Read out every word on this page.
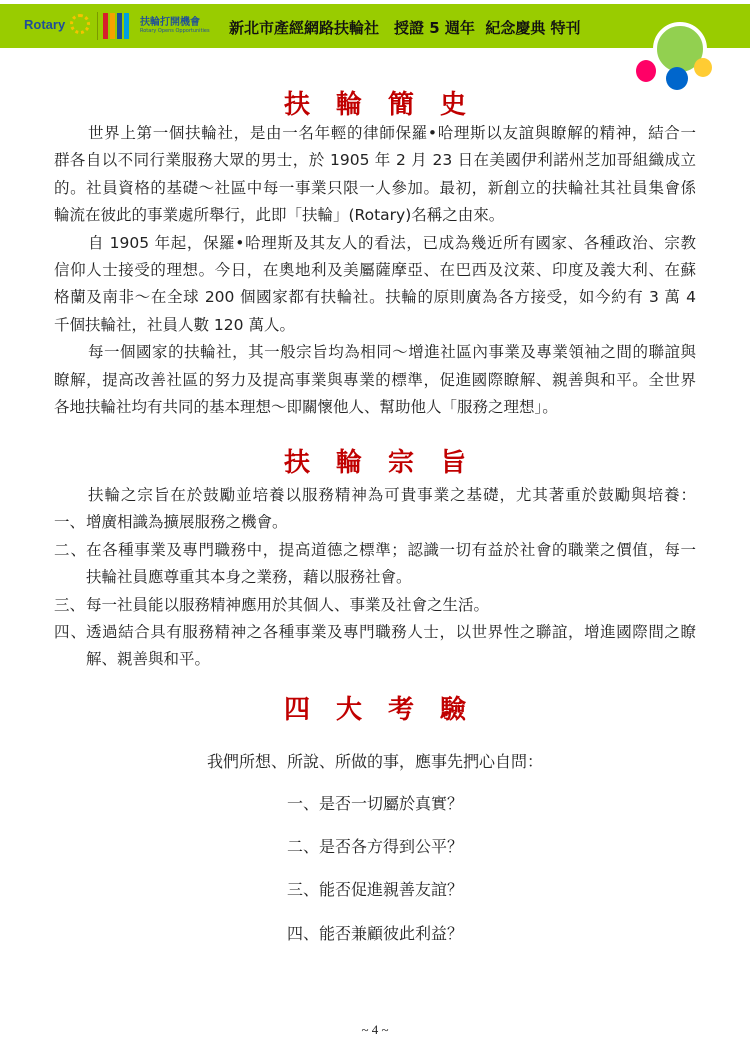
Rotary	扶輪打開機會
Rotary Opens Opportunities 新北市產經網路扶輪社　授證 5 週年  紀念慶典 特刊
扶輪簡史
世界上第一個扶輪社，是由一名年輕的律師保羅•哈理斯以友誼與瞭解的精神，結合一
群各自以不同行業服務大眾的男士，於 1905 年 2 月 23 日在美國伊利諾州芝加哥組織成立
的。社員資格的基礎～社區中每一事業只限一人參加。最初，新創立的扶輪社其社員集會係
輪流在彼此的事業處所舉行，此即「扶輪」(Rotary)名稱之由來。
自 1905 年起，保羅•哈理斯及其友人的看法，已成為幾近所有國家、各種政治、宗教
信仰人士接受的理想。今日，在奧地利及美屬薩摩亞、在巴西及汶萊、印度及義大利、在蘇
格蘭及南非～在全球 200 個國家都有扶輪社。扶輪的原則廣為各方接受，如今約有 3 萬 4
千個扶輪社，社員人數 120 萬人。
每一個國家的扶輪社，其一般宗旨均為相同～增進社區內事業及專業領袖之間的聯誼與
瞭解，提高改善社區的努力及提高事業與專業的標準，促進國際瞭解、親善與和平。全世界
各地扶輪社均有共同的基本理想～即關懷他人、幫助他人「服務之理想」。
扶輪宗旨
扶輪之宗旨在於鼓勵並培養以服務精神為可貴事業之基礎，尤其著重於鼓勵與培養：
一、 增廣相識為擴展服務之機會。
二、 在各種事業及專門職務中，提高道德之標準；認識一切有益於社會的職業之價值，每一
扶輪社員應尊重其本身之業務，藉以服務社會。
三、 每一社員能以服務精神應用於其個人、事業及社會之生活。
四、 透過結合具有服務精神之各種事業及專門職務人士，以世界性之聯誼，增進國際間之瞭
解、親善與和平。
四大考驗
我們所想、所說、所做的事，應事先捫心自問：
一、是否一切屬於真實？
二、是否各方得到公平？
三、能否促進親善友誼？
四、能否兼顧彼此利益？
~ 4 ~
